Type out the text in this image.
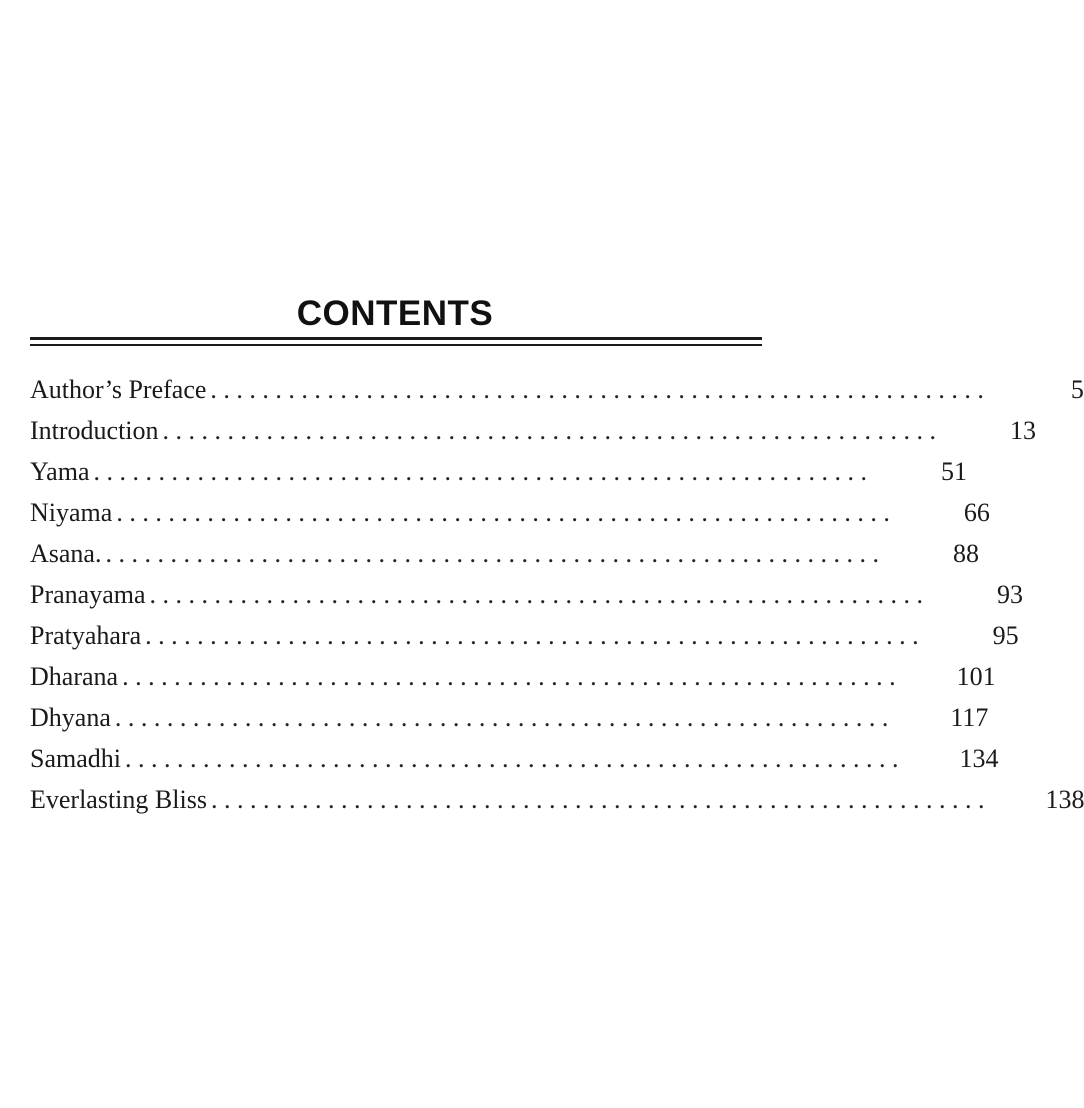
CONTENTS
Author’s Preface . . . . . . . . . . . . . . . . . . . . . . . . . . . . . . . . . . . . . . . . . . . . . . . . . . . . . . . . . . . .	5
Introduction . . . . . . . . . . . . . . . . . . . . . . . . . . . . . . . . . . . . . . . . . . . . . . . . . . . . . . . . . . . .	13
Yama . . . . . . . . . . . . . . . . . . . . . . . . . . . . . . . . . . . . . . . . . . . . . . . . . . . . . . . . . . . .	51
Niyama . . . . . . . . . . . . . . . . . . . . . . . . . . . . . . . . . . . . . . . . . . . . . . . . . . . . . . . . . . . .	66
Asana. . . . . . . . . . . . . . . . . . . . . . . . . . . . . . . . . . . . . . . . . . . . . . . . . . . . . . . . . . . . .	88
Pranayama . . . . . . . . . . . . . . . . . . . . . . . . . . . . . . . . . . . . . . . . . . . . . . . . . . . . . . . . . . . .	93
Pratyahara . . . . . . . . . . . . . . . . . . . . . . . . . . . . . . . . . . . . . . . . . . . . . . . . . . . . . . . . . . . .	95
Dharana . . . . . . . . . . . . . . . . . . . . . . . . . . . . . . . . . . . . . . . . . . . . . . . . . . . . . . . . . . . . 101
Dhyana . . . . . . . . . . . . . . . . . . . . . . . . . . . . . . . . . . . . . . . . . . . . . . . . . . . . . . . . . . . . 117
Samadhi . . . . . . . . . . . . . . . . . . . . . . . . . . . . . . . . . . . . . . . . . . . . . . . . . . . . . . . . . . . . 134
Everlasting Bliss . . . . . . . . . . . . . . . . . . . . . . . . . . . . . . . . . . . . . . . . . . . . . . . . . . . . . . . . . . . . 138
